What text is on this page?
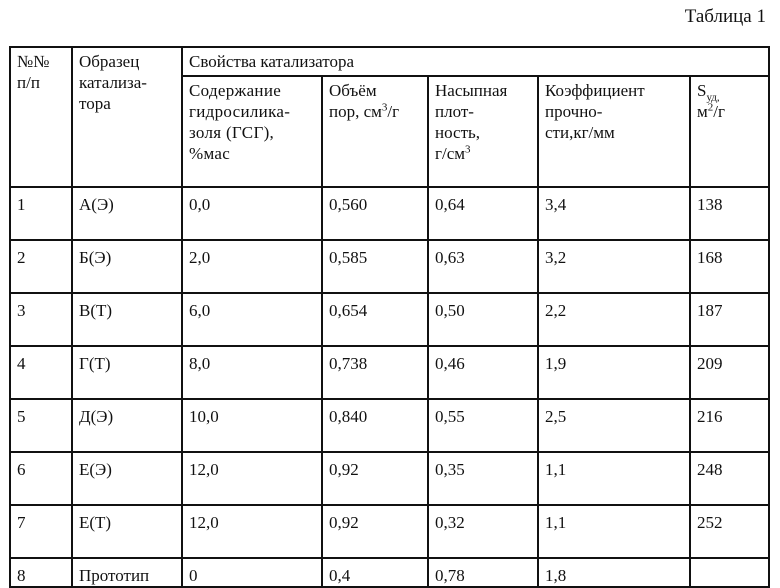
Таблица 1
№№
п/п	Образец
катализа-
тора	Свойства катализатора				
		Содержание
гидросилика-
золя (ГСГ),
%мас	Объём
пор, $см^3/г$	Насыпная
плот-
ность,
$г/см^3$	Коэффициент
прочно-
сти,кг/мм	$S_{уд,}$
$м^2/г$
1	А(Э)	0,0	0,560	0,64	3,4	138
2	Б(Э)	2,0	0,585	0,63	3,2	168
3	В(Т)	6,0	0,654	0,50	2,2	187
4	Г(Т)	8,0	0,738	0,46	1,9	209
5	Д(Э)	10,0	0,840	0,55	2,5	216
6	Е(Э)	12,0	0,92	0,35	1,1	248
7	Е(Т)	12,0	0,92	0,32	1,1	252
8	Прототип	0	0,4	0,78	1,8	
